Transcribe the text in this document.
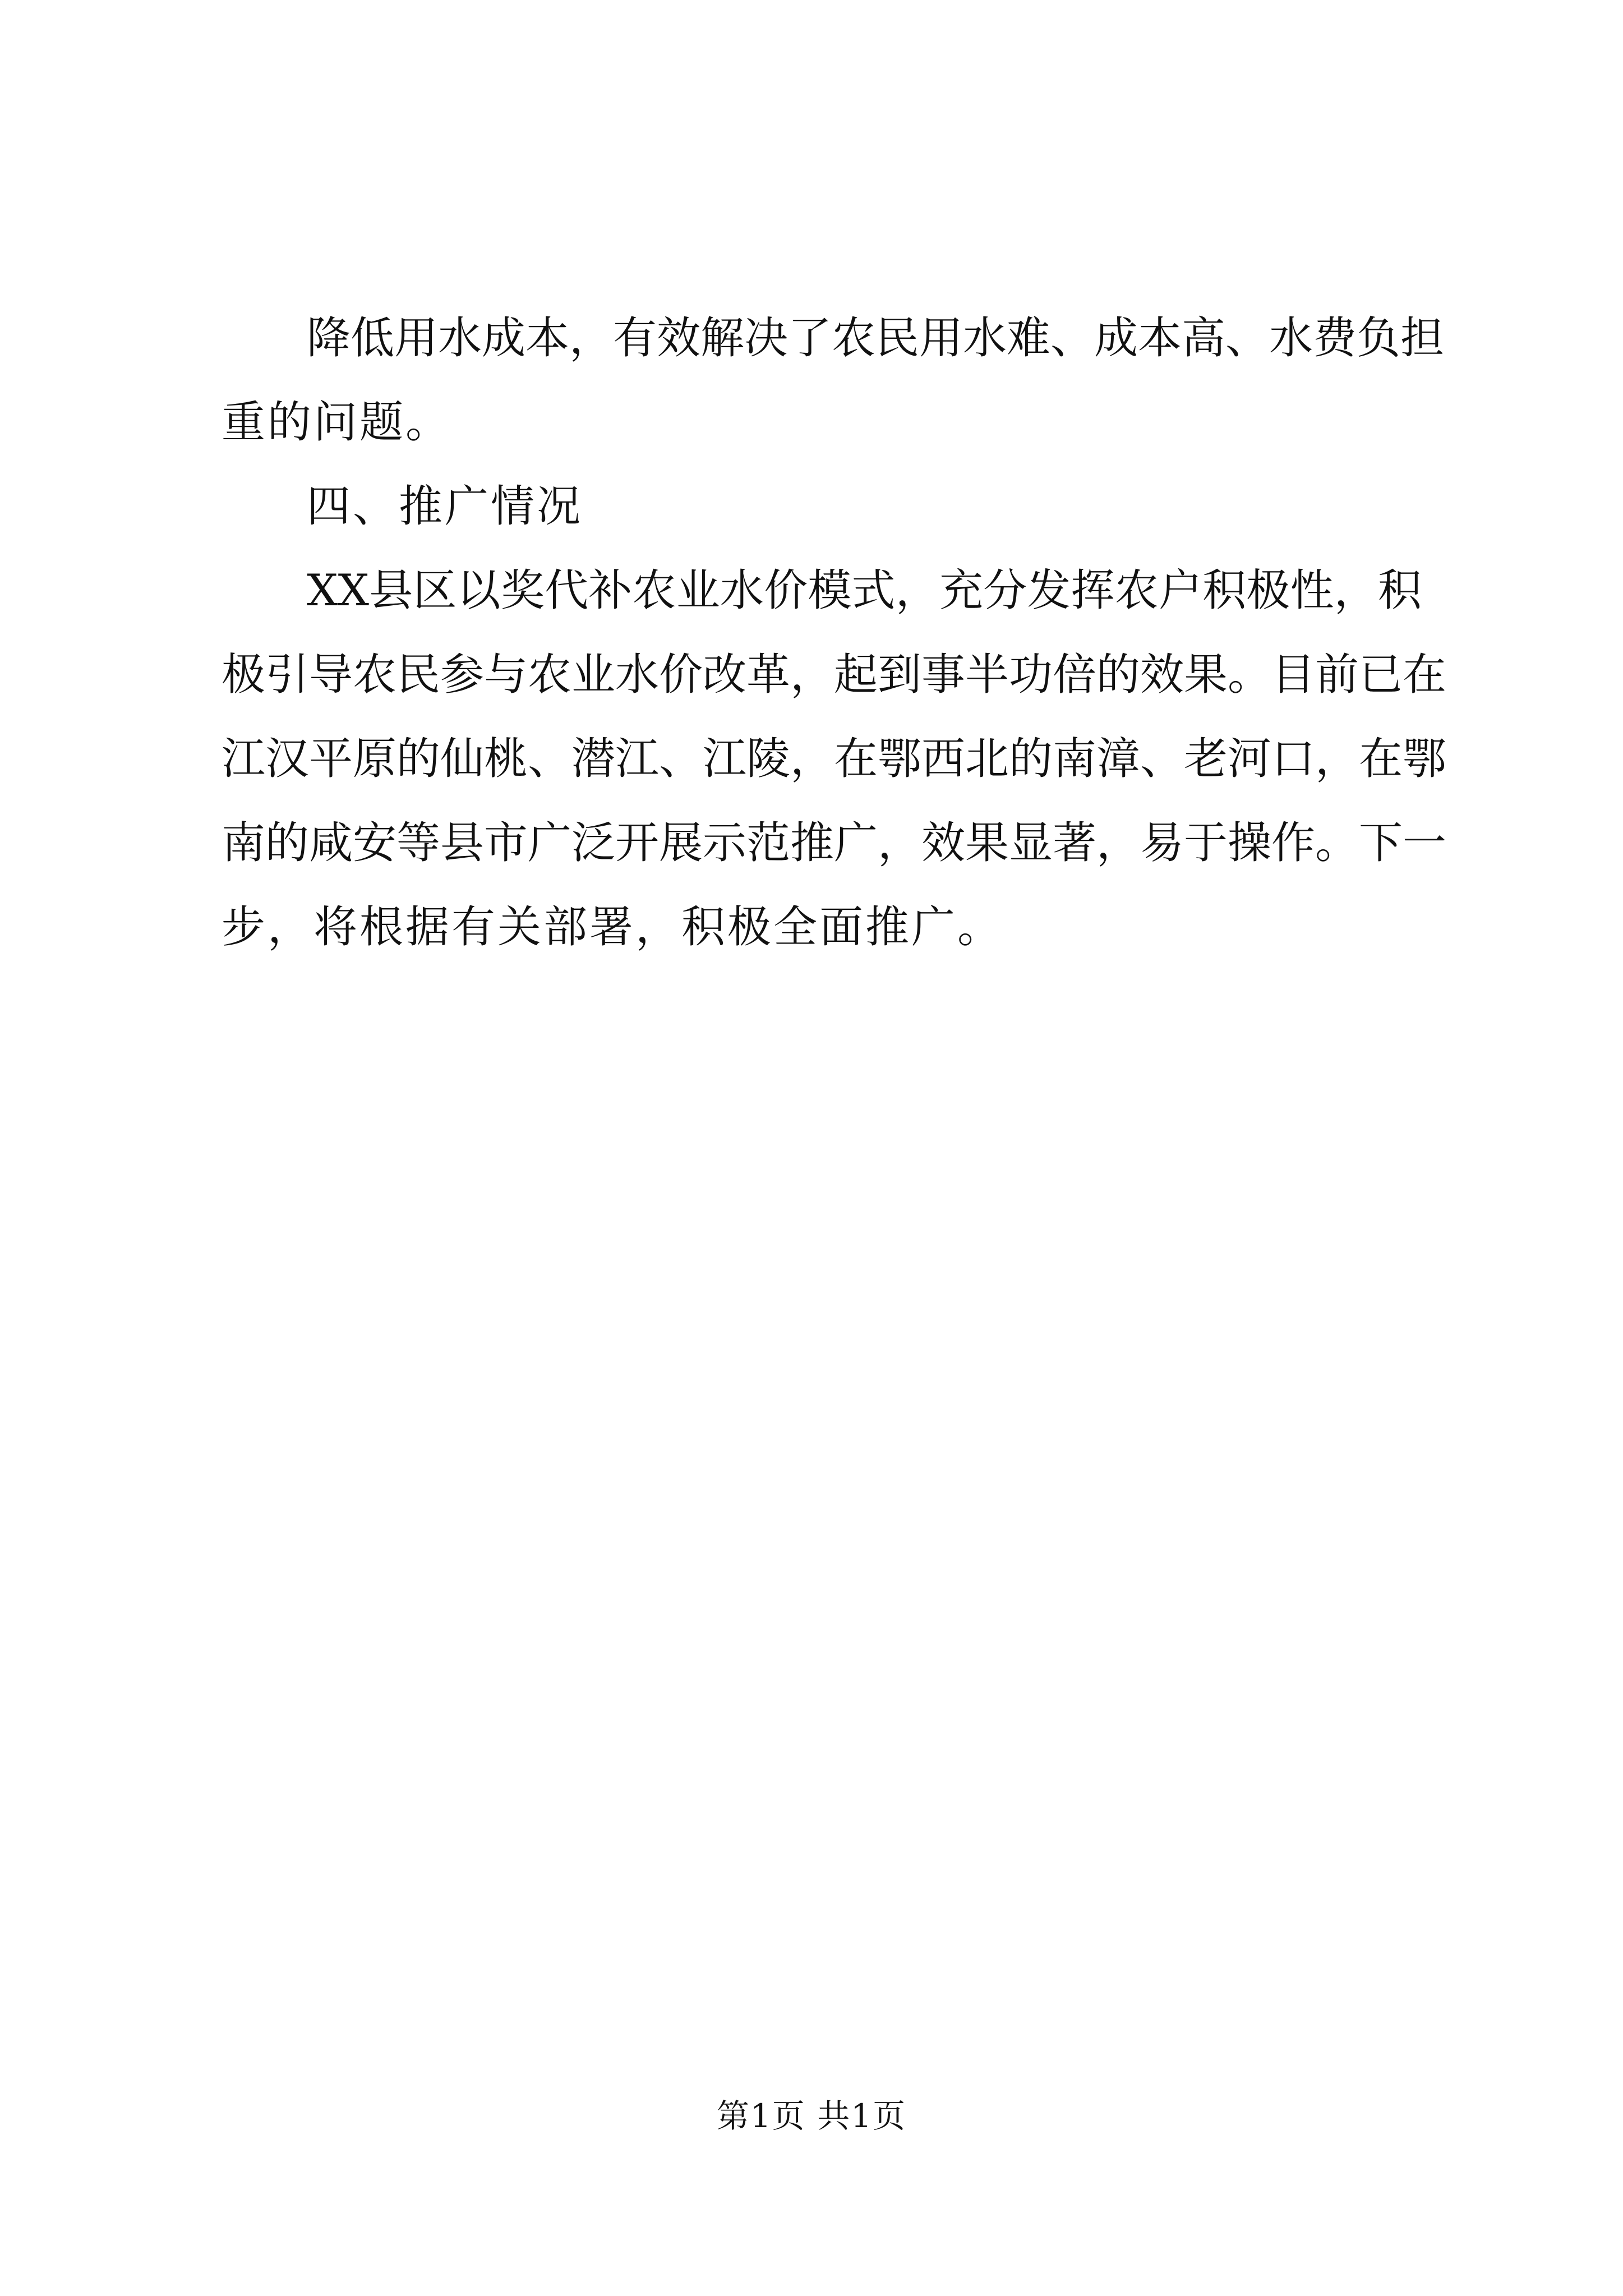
降低用水成本，有效解决了农民用水难、成本高、水费负担
重的问题。
四、推广情况
XX县区以奖代补农业水价模式，充分发挥农户积极性，积
极引导农民参与农业水价改革，起到事半功倍的效果。目前已在
江汉平原的仙桃、潜江、江陵，在鄂西北的南漳、老河口，在鄂
南的咸安等县市广泛开展示范推广，效果显著，易于操作。下一
步，将根据有关部署，积极全面推广。
第1页 共1页
